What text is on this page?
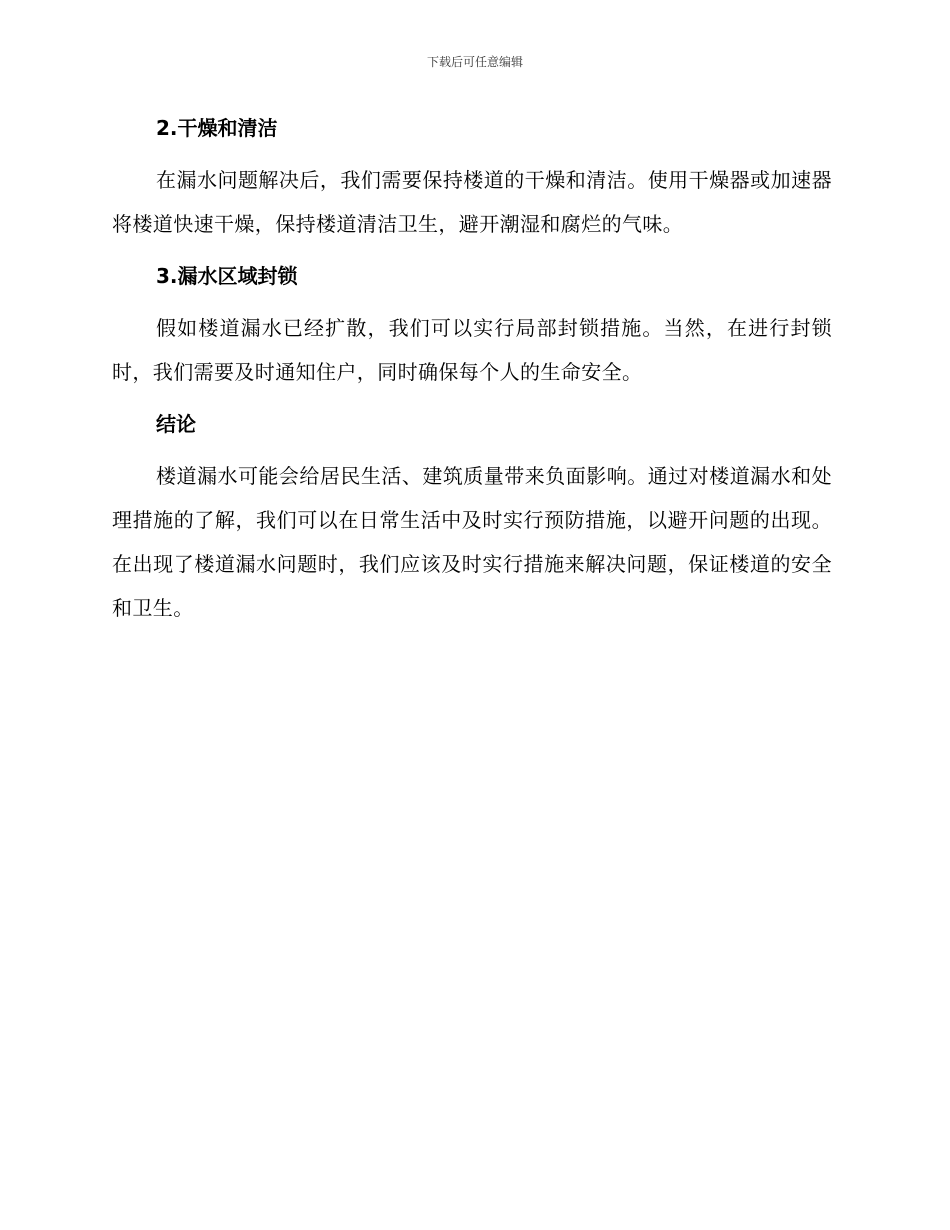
下载后可任意编辑
2.干燥和清洁

在漏水问题解决后，我们需要保持楼道的干燥和清洁。使用干燥器或加速器将楼道快速干燥，保持楼道清洁卫生，避开潮湿和腐烂的气味。

3.漏水区域封锁

假如楼道漏水已经扩散，我们可以实行局部封锁措施。当然，在进行封锁时，我们需要及时通知住户，同时确保每个人的生命安全。

结论

楼道漏水可能会给居民生活、建筑质量带来负面影响。通过对楼道漏水和处理措施的了解，我们可以在日常生活中及时实行预防措施，以避开问题的出现。在出现了楼道漏水问题时，我们应该及时实行措施来解决问题，保证楼道的安全和卫生。
